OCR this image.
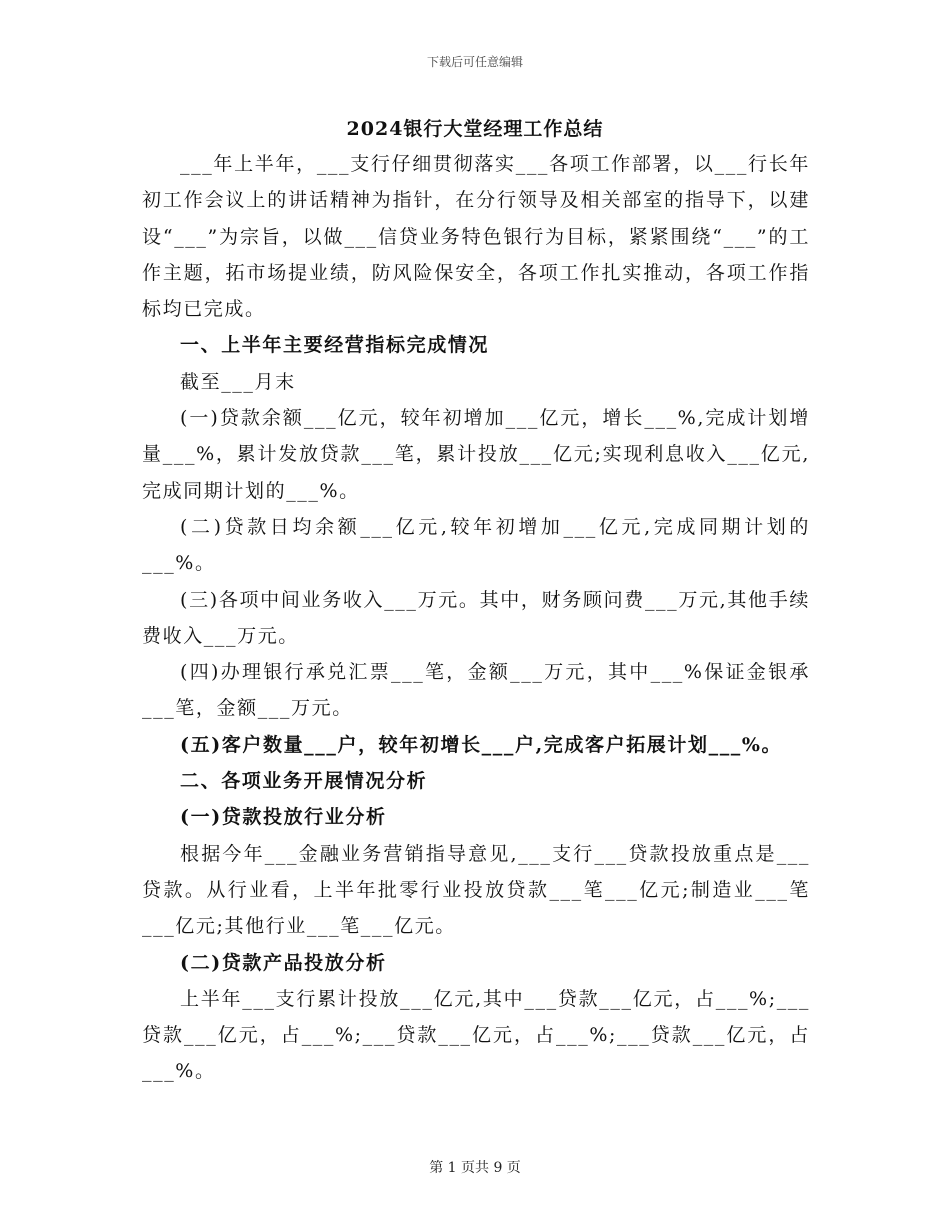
下载后可任意编辑
2024银行大堂经理工作总结

___年上半年，___支行仔细贯彻落实___各项工作部署，以___行长年初工作会议上的讲话精神为指针，在分行领导及相关部室的指导下，以建设“___”为宗旨，以做___信贷业务特色银行为目标，紧紧围绕“___”的工作主题，拓市场提业绩，防风险保安全，各项工作扎实推动，各项工作指标均已完成。

一、上半年主要经营指标完成情况

截至___月末

(一)贷款余额___亿元，较年初增加___亿元，增长___%,完成计划增量___%，累计发放贷款___笔，累计投放___亿元;实现利息收入___亿元,完成同期计划的___%。

(二)贷款日均余额___亿元,较年初增加___亿元,完成同期计划的___%。

(三)各项中间业务收入___万元。其中，财务顾问费___万元,其他手续费收入___万元。

(四)办理银行承兑汇票___笔，金额___万元，其中___%保证金银承___笔，金额___万元。

(五)客户数量___户，较年初增长___户,完成客户拓展计划___%。

二、各项业务开展情况分析

(一)贷款投放行业分析

根据今年___金融业务营销指导意见,___支行___贷款投放重点是___贷款。从行业看，上半年批零行业投放贷款___笔___亿元;制造业___笔___亿元;其他行业___笔___亿元。

(二)贷款产品投放分析

上半年___支行累计投放___亿元,其中___贷款___亿元，占___%;___贷款___亿元，占___%;___贷款___亿元，占___%;___贷款___亿元，占___%。

第 1 页共 9 页
